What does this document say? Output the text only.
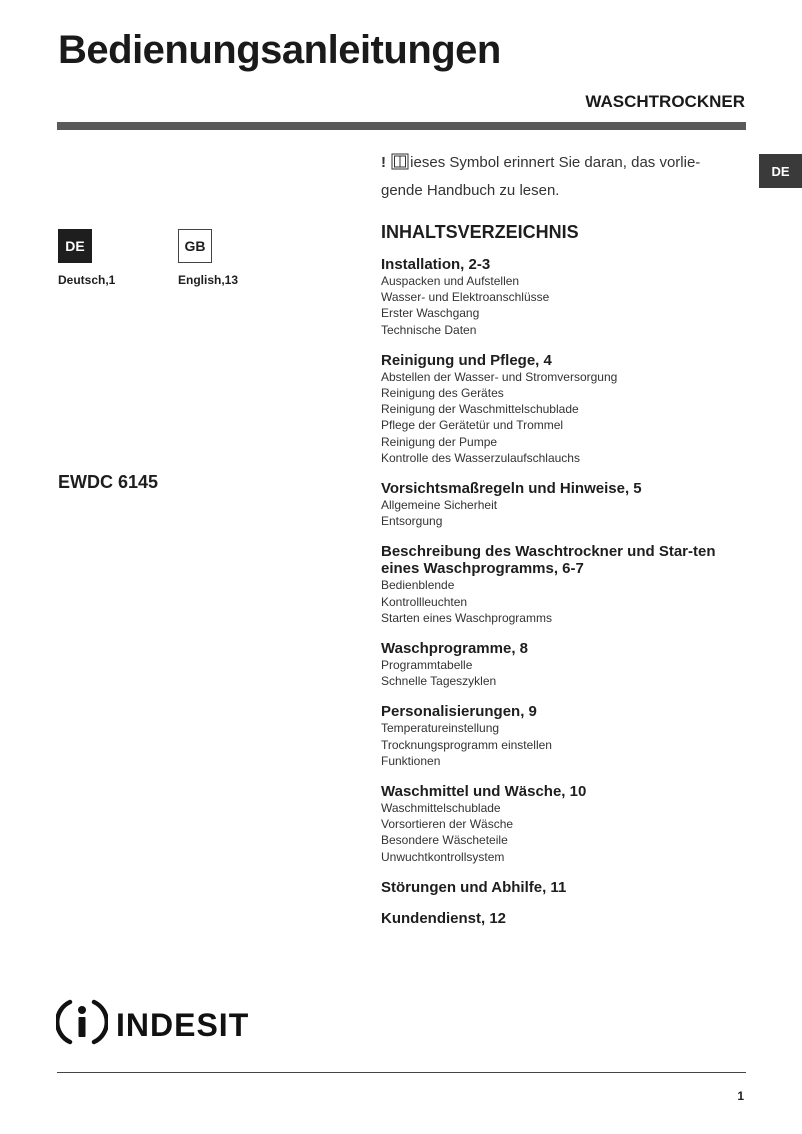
Bedienungsanleitungen
WASCHTROCKNER
DE
DE
Deutsch,1
GB
English,13
EWDC 6145
! ieses Symbol erinnert Sie daran, das vorlie-gende Handbuch zu lesen.
INHALTSVERZEICHNIS
Installation, 2-3
Auspacken und Aufstellen
Wasser- und Elektroanschlüsse
Erster Waschgang
Technische Daten
Reinigung und Pflege, 4
Abstellen der Wasser- und Stromversorgung
Reinigung des Gerätes
Reinigung der Waschmittelschublade
Pflege der Gerätetür und Trommel
Reinigung der Pumpe
Kontrolle des Wasserzulaufschlauchs
Vorsichtsmaßregeln und Hinweise, 5
Allgemeine Sicherheit
Entsorgung
Beschreibung des Waschtrockner und Star-ten eines Waschprogramms, 6-7
Bedienblende
Kontrollleuchten
Starten eines Waschprogramms
Waschprogramme, 8
Programmtabelle
Schnelle Tageszyklen
Personalisierungen, 9
Temperatureinstellung
Trocknungsprogramm einstellen
Funktionen
Waschmittel und Wäsche, 10
Waschmittelschublade
Vorsortieren der Wäsche
Besondere Wäscheteile
Unwuchtkontrollsystem
Störungen und Abhilfe, 11
Kundendienst, 12
INDESIT
1
